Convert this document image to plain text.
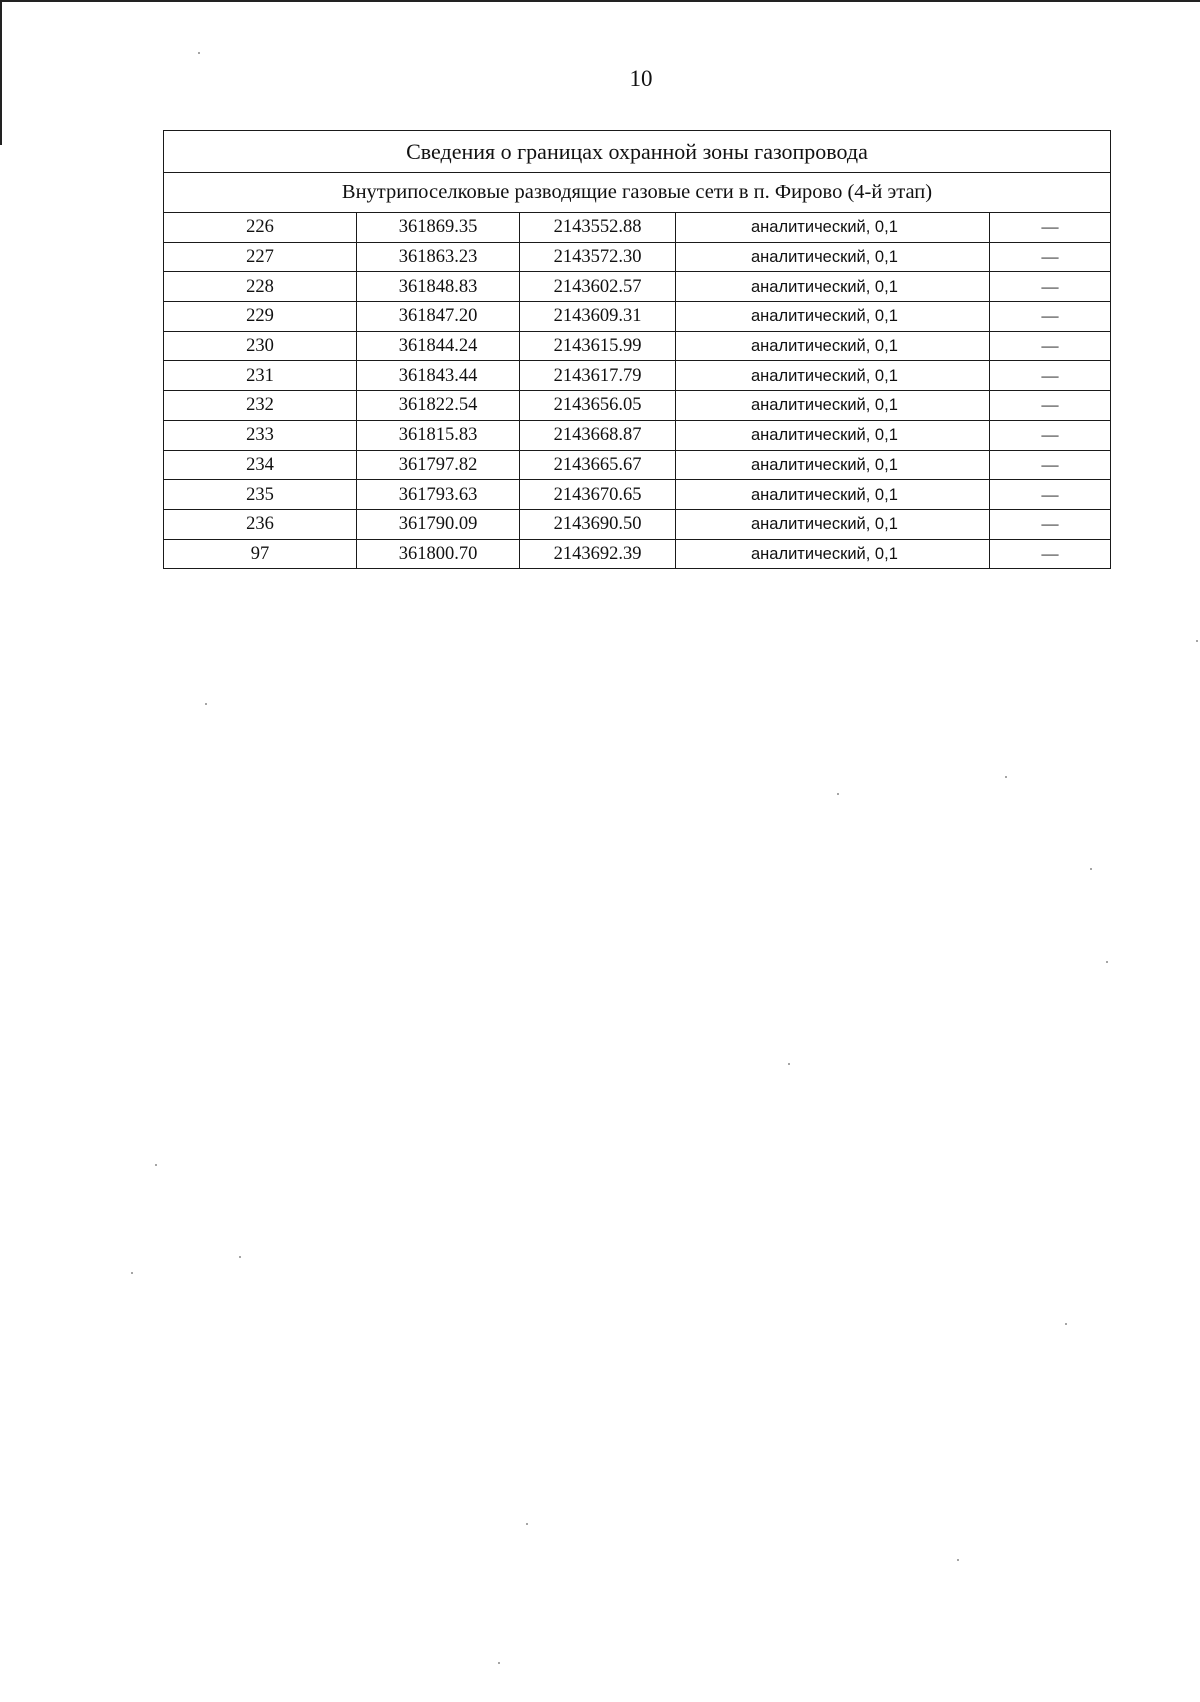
10
Сведения о границах охранной зоны газопровода				
Внутрипоселковые разводящие газовые сети в п. Фирово (4-й этап)				
226	361869.35	2143552.88	аналитический, 0,1	—
227	361863.23	2143572.30	аналитический, 0,1	—
228	361848.83	2143602.57	аналитический, 0,1	—
229	361847.20	2143609.31	аналитический, 0,1	—
230	361844.24	2143615.99	аналитический, 0,1	—
231	361843.44	2143617.79	аналитический, 0,1	—
232	361822.54	2143656.05	аналитический, 0,1	—
233	361815.83	2143668.87	аналитический, 0,1	—
234	361797.82	2143665.67	аналитический, 0,1	—
235	361793.63	2143670.65	аналитический, 0,1	—
236	361790.09	2143690.50	аналитический, 0,1	—
97	361800.70	2143692.39	аналитический, 0,1	—
